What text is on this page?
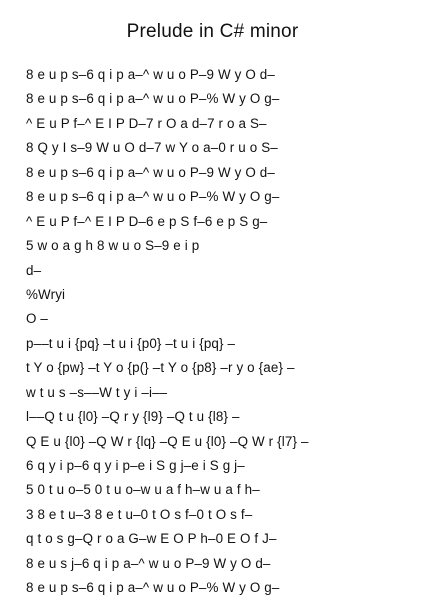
Prelude in C# minor
8 e u p s–6 q i p a–^ w u o P–9 W y O d–
8 e u p s–6 q i p a–^ w u o P–% W y O g–
^ E u P f–^ E I P D–7 r O a d–7 r o a S–
8 Q y I s–9 W u O d–7 w Y o a–0 r u o S–
8 e u p s–6 q i p a–^ w u o P–9 W y O d–
8 e u p s–6 q i p a–^ w u o P–% W y O g–
^ E u P f–^ E I P D–6 e p S f–6 e p S g–
5 w o a g h 8 w u o S–9 e i p
d–
%Wryi
O –
p––t u i {pq} –t u i {p0} –t u i {pq} –
t Y o {pw} –t Y o {p(} –t Y o {p8} –r y o {ae} –
w t u s –s––W t y i –i––
l––Q t u {l0} –Q r y {l9} –Q t u {l8} –
Q E u {l0} –Q W r {lq} –Q E u {l0} –Q W r {l7} –
6 q y i p–6 q y i p–e i S g j–e i S g j–
5 0 t u o–5 0 t u o–w u a f h–w u a f h–
3 8 e t u–3 8 e t u–0 t O s f–0 t O s f–
q t o s g–Q r o a G–w E O P h–0 E O f J–
8 e u s j–6 q i p a–^ w u o P–9 W y O d–
8 e u p s–6 q i p a–^ w u o P–% W y O g–
